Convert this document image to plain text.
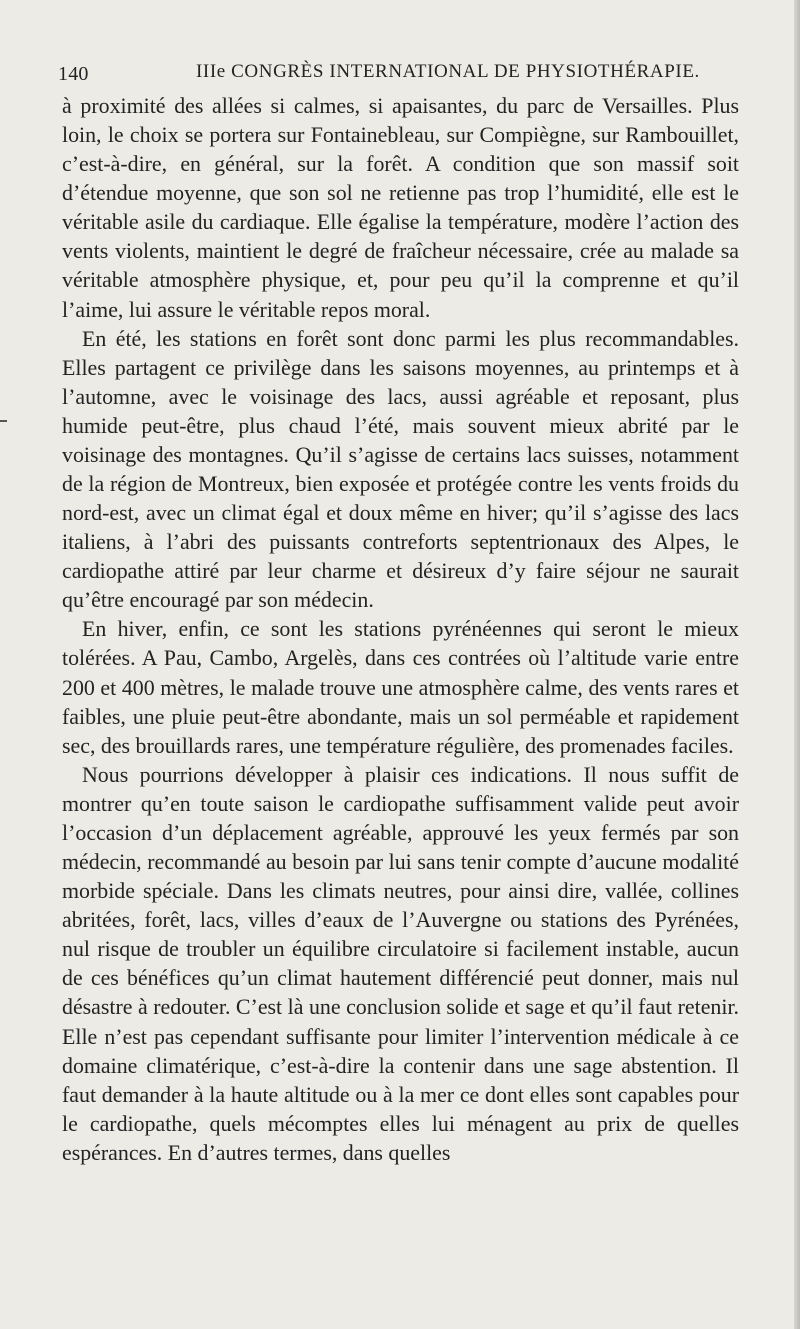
140	IIIe CONGRÈS INTERNATIONAL DE PHYSIOTHÉRAPIE.

à proximité des allées si calmes, si apaisantes, du parc de Versailles. Plus loin, le choix se portera sur Fontainebleau, sur Compiègne, sur Rambouillet, c’est-à-dire, en général, sur la forêt. A condition que son massif soit d’étendue moyenne, que son sol ne retienne pas trop l’humidité, elle est le véritable asile du cardiaque. Elle égalise la température, modère l’action des vents violents, maintient le degré de fraîcheur nécessaire, crée au malade sa véritable atmosphère physique, et, pour peu qu’il la comprenne et qu’il l’aime, lui assure le véritable repos moral.

En été, les stations en forêt sont donc parmi les plus recommandables. Elles partagent ce privilège dans les saisons moyennes, au printemps et à l’automne, avec le voisinage des lacs, aussi agréable et reposant, plus humide peut-être, plus chaud l’été, mais souvent mieux abrité par le voisinage des montagnes. Qu’il s’agisse de certains lacs suisses, notamment de la région de Montreux, bien exposée et protégée contre les vents froids du nord-est, avec un climat égal et doux même en hiver; qu’il s’agisse des lacs italiens, à l’abri des puissants contreforts septentrionaux des Alpes, le cardiopathe attiré par leur charme et désireux d’y faire séjour ne saurait qu’être encouragé par son médecin.

En hiver, enfin, ce sont les stations pyrénéennes qui seront le mieux tolérées. A Pau, Cambo, Argelès, dans ces contrées où l’altitude varie entre 200 et 400 mètres, le malade trouve une atmosphère calme, des vents rares et faibles, une pluie peut-être abondante, mais un sol perméable et rapidement sec, des brouillards rares, une température régulière, des promenades faciles.

Nous pourrions développer à plaisir ces indications. Il nous suffit de montrer qu’en toute saison le cardiopathe suffisamment valide peut avoir l’occasion d’un déplacement agréable, approuvé les yeux fermés par son médecin, recommandé au besoin par lui sans tenir compte d’aucune modalité morbide spéciale. Dans les climats neutres, pour ainsi dire, vallée, collines abritées, forêt, lacs, villes d’eaux de l’Auvergne ou stations des Pyrénées, nul risque de troubler un équilibre circulatoire si facilement instable, aucun de ces bénéfices qu’un climat hautement différencié peut donner, mais nul désastre à redouter. C’est là une conclusion solide et sage et qu’il faut retenir. Elle n’est pas cependant suffisante pour limiter l’intervention médicale à ce domaine climatérique, c’est-à-dire la contenir dans une sage abstention. Il faut demander à la haute altitude ou à la mer ce dont elles sont capables pour le cardiopathe, quels mécomptes elles lui ménagent au prix de quelles espérances. En d’autres termes, dans quelles
